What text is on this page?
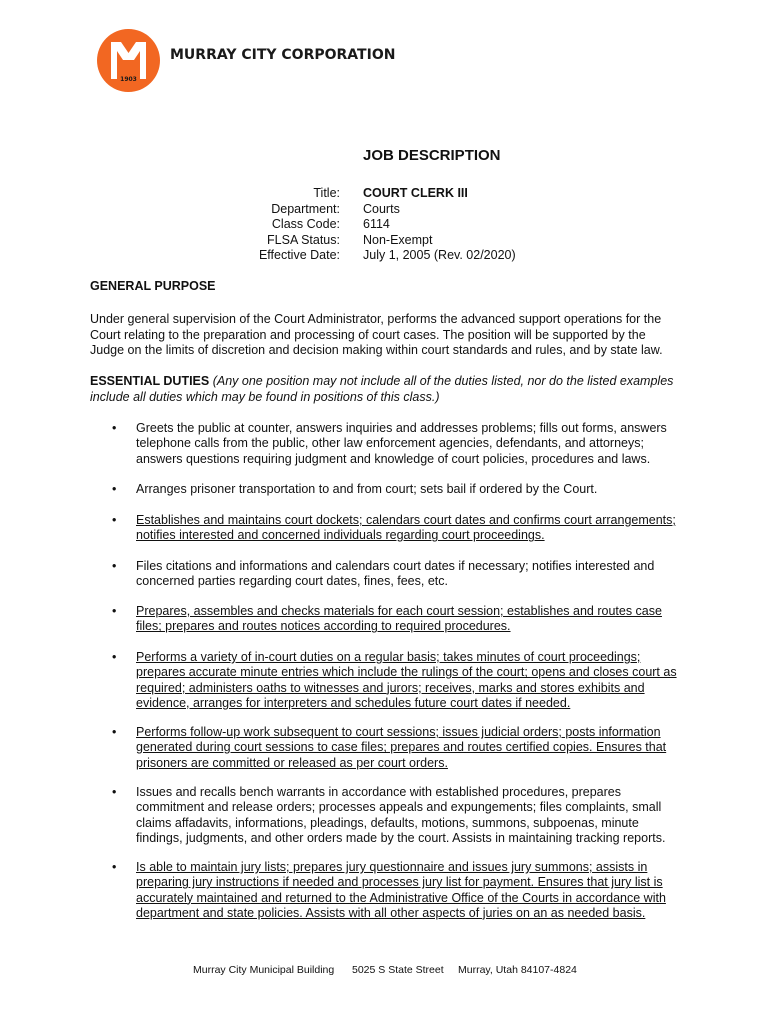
1903
MURRAY CITY CORPORATION
JOB DESCRIPTION
Title:
Department:
Class Code:
FLSA Status:
Effective Date:
COURT CLERK III
Courts
6114
Non-Exempt
July 1, 2005 (Rev. 02/2020)
GENERAL PURPOSE
Under general supervision of the Court Administrator, performs the advanced support operations for the Court relating to the preparation and processing of court cases. The position will be supported by the Judge on the limits of discretion and decision making within court standards and rules, and by state law.
ESSENTIAL DUTIES (Any one position may not include all of the duties listed, nor do the listed examples include all duties which may be found in positions of this class.)
• Greets the public at counter, answers inquiries and addresses problems; fills out forms, answers telephone calls from the public, other law enforcement agencies, defendants, and attorneys; answers questions requiring judgment and knowledge of court policies, procedures and laws.
• Arranges prisoner transportation to and from court; sets bail if ordered by the Court.
• Establishes and maintains court dockets; calendars court dates and confirms court arrangements; notifies interested and concerned individuals regarding court proceedings.
• Files citations and informations and calendars court dates if necessary; notifies interested and concerned parties regarding court dates, fines, fees, etc.
• Prepares, assembles and checks materials for each court session; establishes and routes case files; prepares and routes notices according to required procedures.
• Performs a variety of in-court duties on a regular basis; takes minutes of court proceedings; prepares accurate minute entries which include the rulings of the court; opens and closes court as required; administers oaths to witnesses and jurors; receives, marks and stores exhibits and evidence, arranges for interpreters and schedules future court dates if needed.
• Performs follow-up work subsequent to court sessions; issues judicial orders; posts information generated during court sessions to case files; prepares and routes certified copies. Ensures that prisoners are committed or released as per court orders.
• Issues and recalls bench warrants in accordance with established procedures, prepares commitment and release orders; processes appeals and expungements; files complaints, small claims affadavits, informations, pleadings, defaults, motions, summons, subpoenas, minute findings, judgments, and other orders made by the court. Assists in maintaining tracking reports.
• Is able to maintain jury lists; prepares jury questionnaire and issues jury summons; assists in preparing jury instructions if needed and processes jury list for payment. Ensures that jury list is accurately maintained and returned to the Administrative Office of the Courts in accordance with department and state policies. Assists with all other aspects of juries on an as needed basis.
Murray City Municipal Building 5025 S State Street Murray, Utah 84107-4824
